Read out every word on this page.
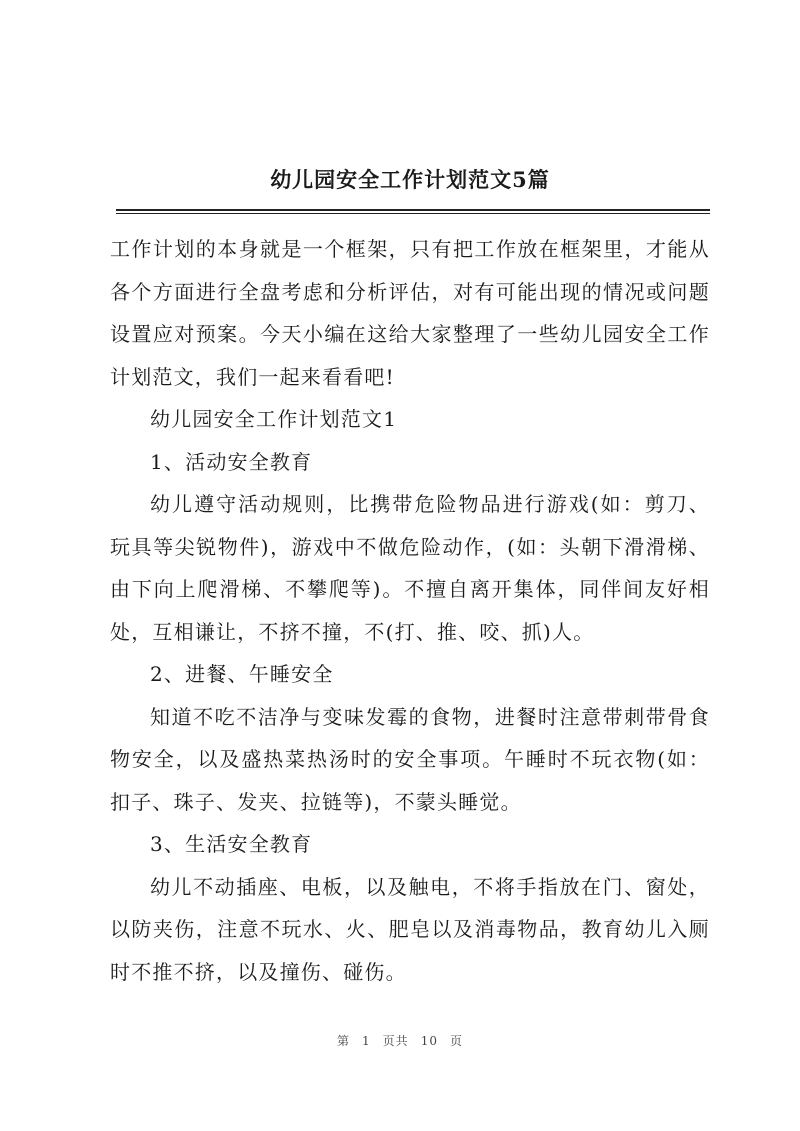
幼儿园安全工作计划范文5篇

工作计划的本身就是一个框架，只有把工作放在框架里，才能从各个方面进行全盘考虑和分析评估，对有可能出现的情况或问题设置应对预案。今天小编在这给大家整理了一些幼儿园安全工作计划范文，我们一起来看看吧!

幼儿园安全工作计划范文1

1、活动安全教育

幼儿遵守活动规则，比携带危险物品进行游戏(如：剪刀、玩具等尖锐物件)，游戏中不做危险动作，(如：头朝下滑滑梯、由下向上爬滑梯、不攀爬等)。不擅自离开集体，同伴间友好相处，互相谦让，不挤不撞，不(打、推、咬、抓)人。

2、进餐、午睡安全

知道不吃不洁净与变味发霉的食物，进餐时注意带刺带骨食物安全，以及盛热菜热汤时的安全事项。午睡时不玩衣物(如：扣子、珠子、发夹、拉链等)，不蒙头睡觉。

3、生活安全教育

幼儿不动插座、电板，以及触电，不将手指放在门、窗处，以防夹伤，注意不玩水、火、肥皂以及消毒物品，教育幼儿入厕时不推不挤，以及撞伤、碰伤。

第 1 页共 10 页
